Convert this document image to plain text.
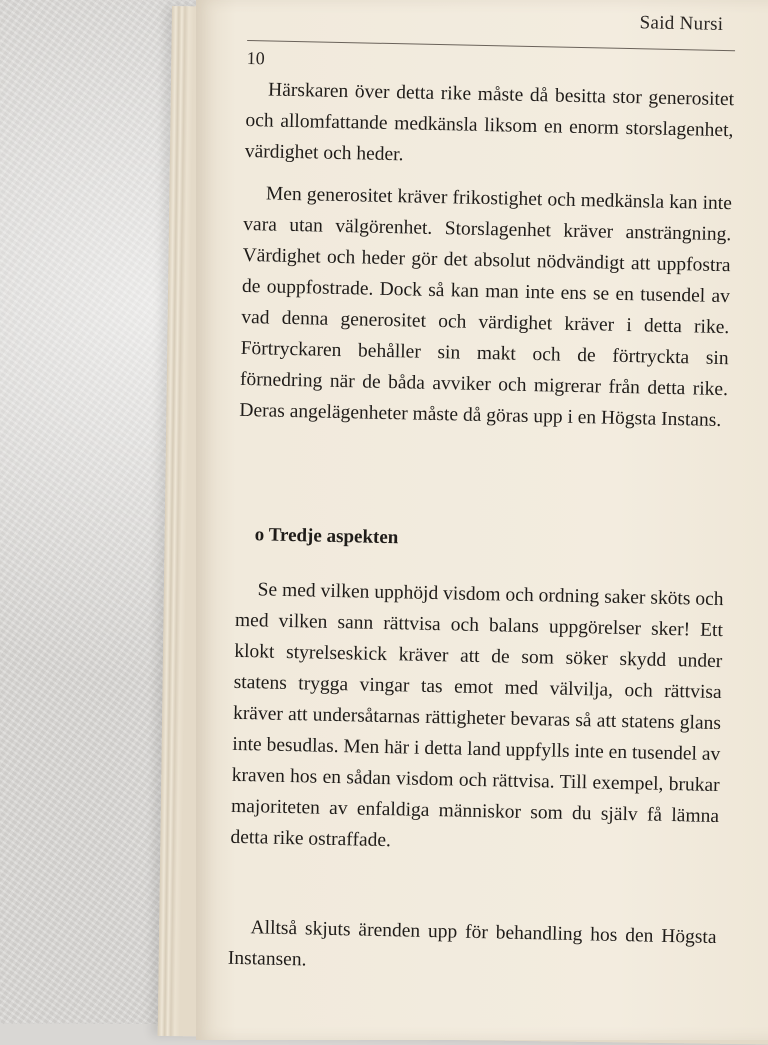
Said Nursi
10

Härskaren över detta rike måste då besitta stor generositet och allomfattande medkänsla liksom en enorm storslagenhet, värdighet och heder.

Men generositet kräver frikostighet och medkänsla kan inte vara utan välgörenhet. Storslagenhet kräver ansträngning. Värdighet och heder gör det absolut nödvändigt att uppfostra de ouppfostrade. Dock så kan man inte ens se en tusendel av vad denna generositet och värdighet kräver i detta rike. Förtryckaren behåller sin makt och de förtryckta sin förnedring när de båda avviker och migrerar från detta rike. Deras angelägenheter måste då göras upp i en Högsta Instans.

o Tredje aspekten

Se med vilken upphöjd visdom och ordning saker sköts och med vilken sann rättvisa och balans uppgörelser sker! Ett klokt styrelseskick kräver att de som söker skydd under statens trygga vingar tas emot med välvilja, och rättvisa kräver att undersåtarnas rättigheter bevaras så att statens glans inte besudlas. Men här i detta land uppfylls inte en tusendel av kraven hos en sådan visdom och rättvisa. Till exempel, brukar majoriteten av enfaldiga människor som du själv få lämna detta rike ostraffade.

Alltså skjuts ärenden upp för behandling hos den Högsta Instansen.
